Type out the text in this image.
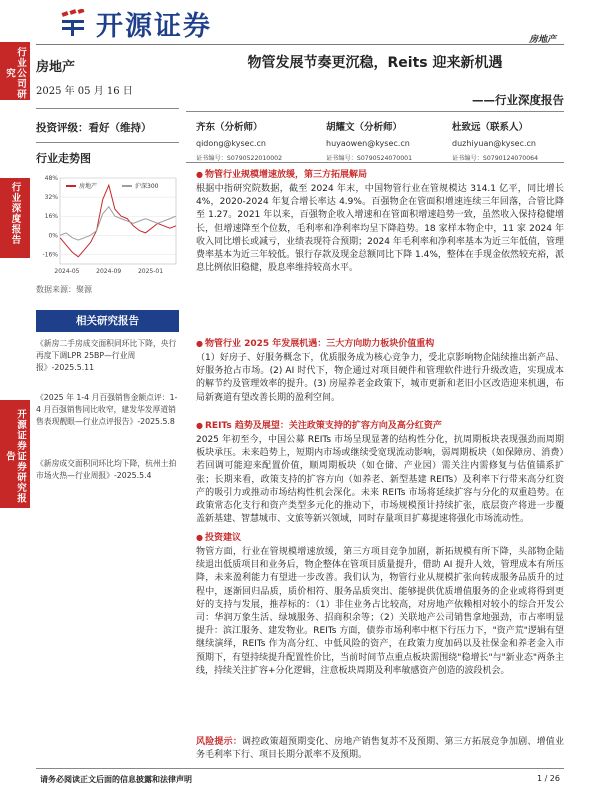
开源证券	房地产
行业公司研究
行业深度报告
开源证券证券研究报告
房地产
2025 年 05 月 16 日
投资评级：看好（维持）
行业走势图
48%
32%
16%
0%
-16%
2024-05	2024-09	2025-01
房地产	沪深300
数据来源：聚源
相关研究报告
《新房二手房成交面积同环比下降，央行再度下调LPR 25BP—行业周报》-2025.5.11
《2025 年 1-4 月百强销售金额点评：1-4 月百强销售同比收窄，建发华发厚道销售表现靓眼—行业点评报告》-2025.5.8
《新房成交面积同环比均下降，杭州土拍市场火热—行业周报》-2025.5.4
物管发展节奏更沉稳，Reits 迎来新机遇
——行业深度报告
齐东（分析师）
qidong@kysec.cn
证书编号：S0790522010002
胡耀文（分析师）
huyaowen@kysec.cn
证书编号：S0790524070001
杜致远（联系人）
duzhiyuan@kysec.cn
证书编号：S0790124070064
● 物管行业规模增速放缓，第三方拓展解局
根据中指研究院数据，截至 2024 年末，中国物管行业在管规模达 314.1 亿平，同比增长 4%，2020-2024 年复合增长率达 4.9%。百强物企在管面积增速连续三年回落，合管比降至 1.27。2021 年以来，百强物企收入增速和在管面积增速趋势一致，虽然收入保持稳健增长，但增速降至个位数，毛利率和净利率均呈下降趋势。18 家样本物企中，11 家 2024 年收入同比增长或减亏，业绩表现符合预期；2024 年毛利率和净利率基本为近三年低值，管理费率基本为近三年较低。银行存款及现金总额同比下降 1.4%，整体在手现金依然较充裕，派息比例依旧稳健，股息率维持较高水平。
● 物管行业 2025 年发展机遇：三大方向助力板块价值重构
（1）好房子、好服务概念下，优质服务成为核心竞争力，受北京影响物企陆续推出新产品、好服务抢占市场。(2) AI 时代下，物企通过对项目硬件和管理软件进行升级改造，实现成本的解节约及管理效率的提升。(3) 房屋养老金政策下，城市更新和老旧小区改造迎来机遇，布局新赛道有望改善长期的盈利空间。
● REITs 趋势及展望：关注政策支持的扩容方向及高分红资产
2025 年初至今，中国公募 REITs 市场呈现显著的结构性分化，抗周期板块表现强劲而周期板块承压。未来趋势上，短期内市场或继续受宽现流动影响，弱周期板块（如保障房、消费）若回调可能迎来配置价值，顺周期板块（如仓储、产业园）需关注内需修复与估值锚系扩张；长期来看，政策支持的扩容方向（如养老、新型基建 REITs）及利率下行带来高分红资产的吸引力或推动市场结构性机会深化。未来 REITs 市场将延续扩容与分化的双重趋势。在政策常态化支行和资产类型多元化的推动下，市场规模预计持续扩张，底层资产将进一步覆盖新基建、智慧城市、文旅等新兴领域，同时存量项目扩募提速将强化市场流动性。
● 投资建议
物管方面，行业在管规模增速放缓，第三方项目竞争加剧，新拓规模有所下降，头部物企陆续退出低质项目和业务后，物企整体在管项目质量提升，借助 AI 提升人效，管理成本有所压降，未来盈利能力有望进一步改善。我们认为，物管行业从规模扩张向转成服务品质升的过程中，逐渐回归品质，质价相符、服务品质突出、能够提供优质增值服务的企业或将得到更好的支持与发展，推荐标的：（1）非住业务占比较高，对房地产依赖相对较小的综合开发公司：华润万象生活、绿城服务、招商积余等；（2）关联地产公司销售拿地强劲，市占率明显提升：滨江服务、建发物业。REITs 方面，债券市场利率中枢下行压力下，"资产荒"逻辑有望继续演绎，REITs 作为高分红、中低风险的资产，在政策力度加码以及社保金和养老金入市预期下，有望持续提升配置性价比，当前时间节点重点板块需围绕"稳增长"与"新业态"两条主线，持续关注扩容+分化逻辑，注意板块周期及利率敏感资产创造的波段机会。
风险提示：调控政策超预期变化、房地产销售复苏不及预期、第三方拓展竞争加剧、增值业务毛利率下行、项目长期分派率不及预期。
请务必阅读正文后面的信息披露和法律声明	1 / 26
